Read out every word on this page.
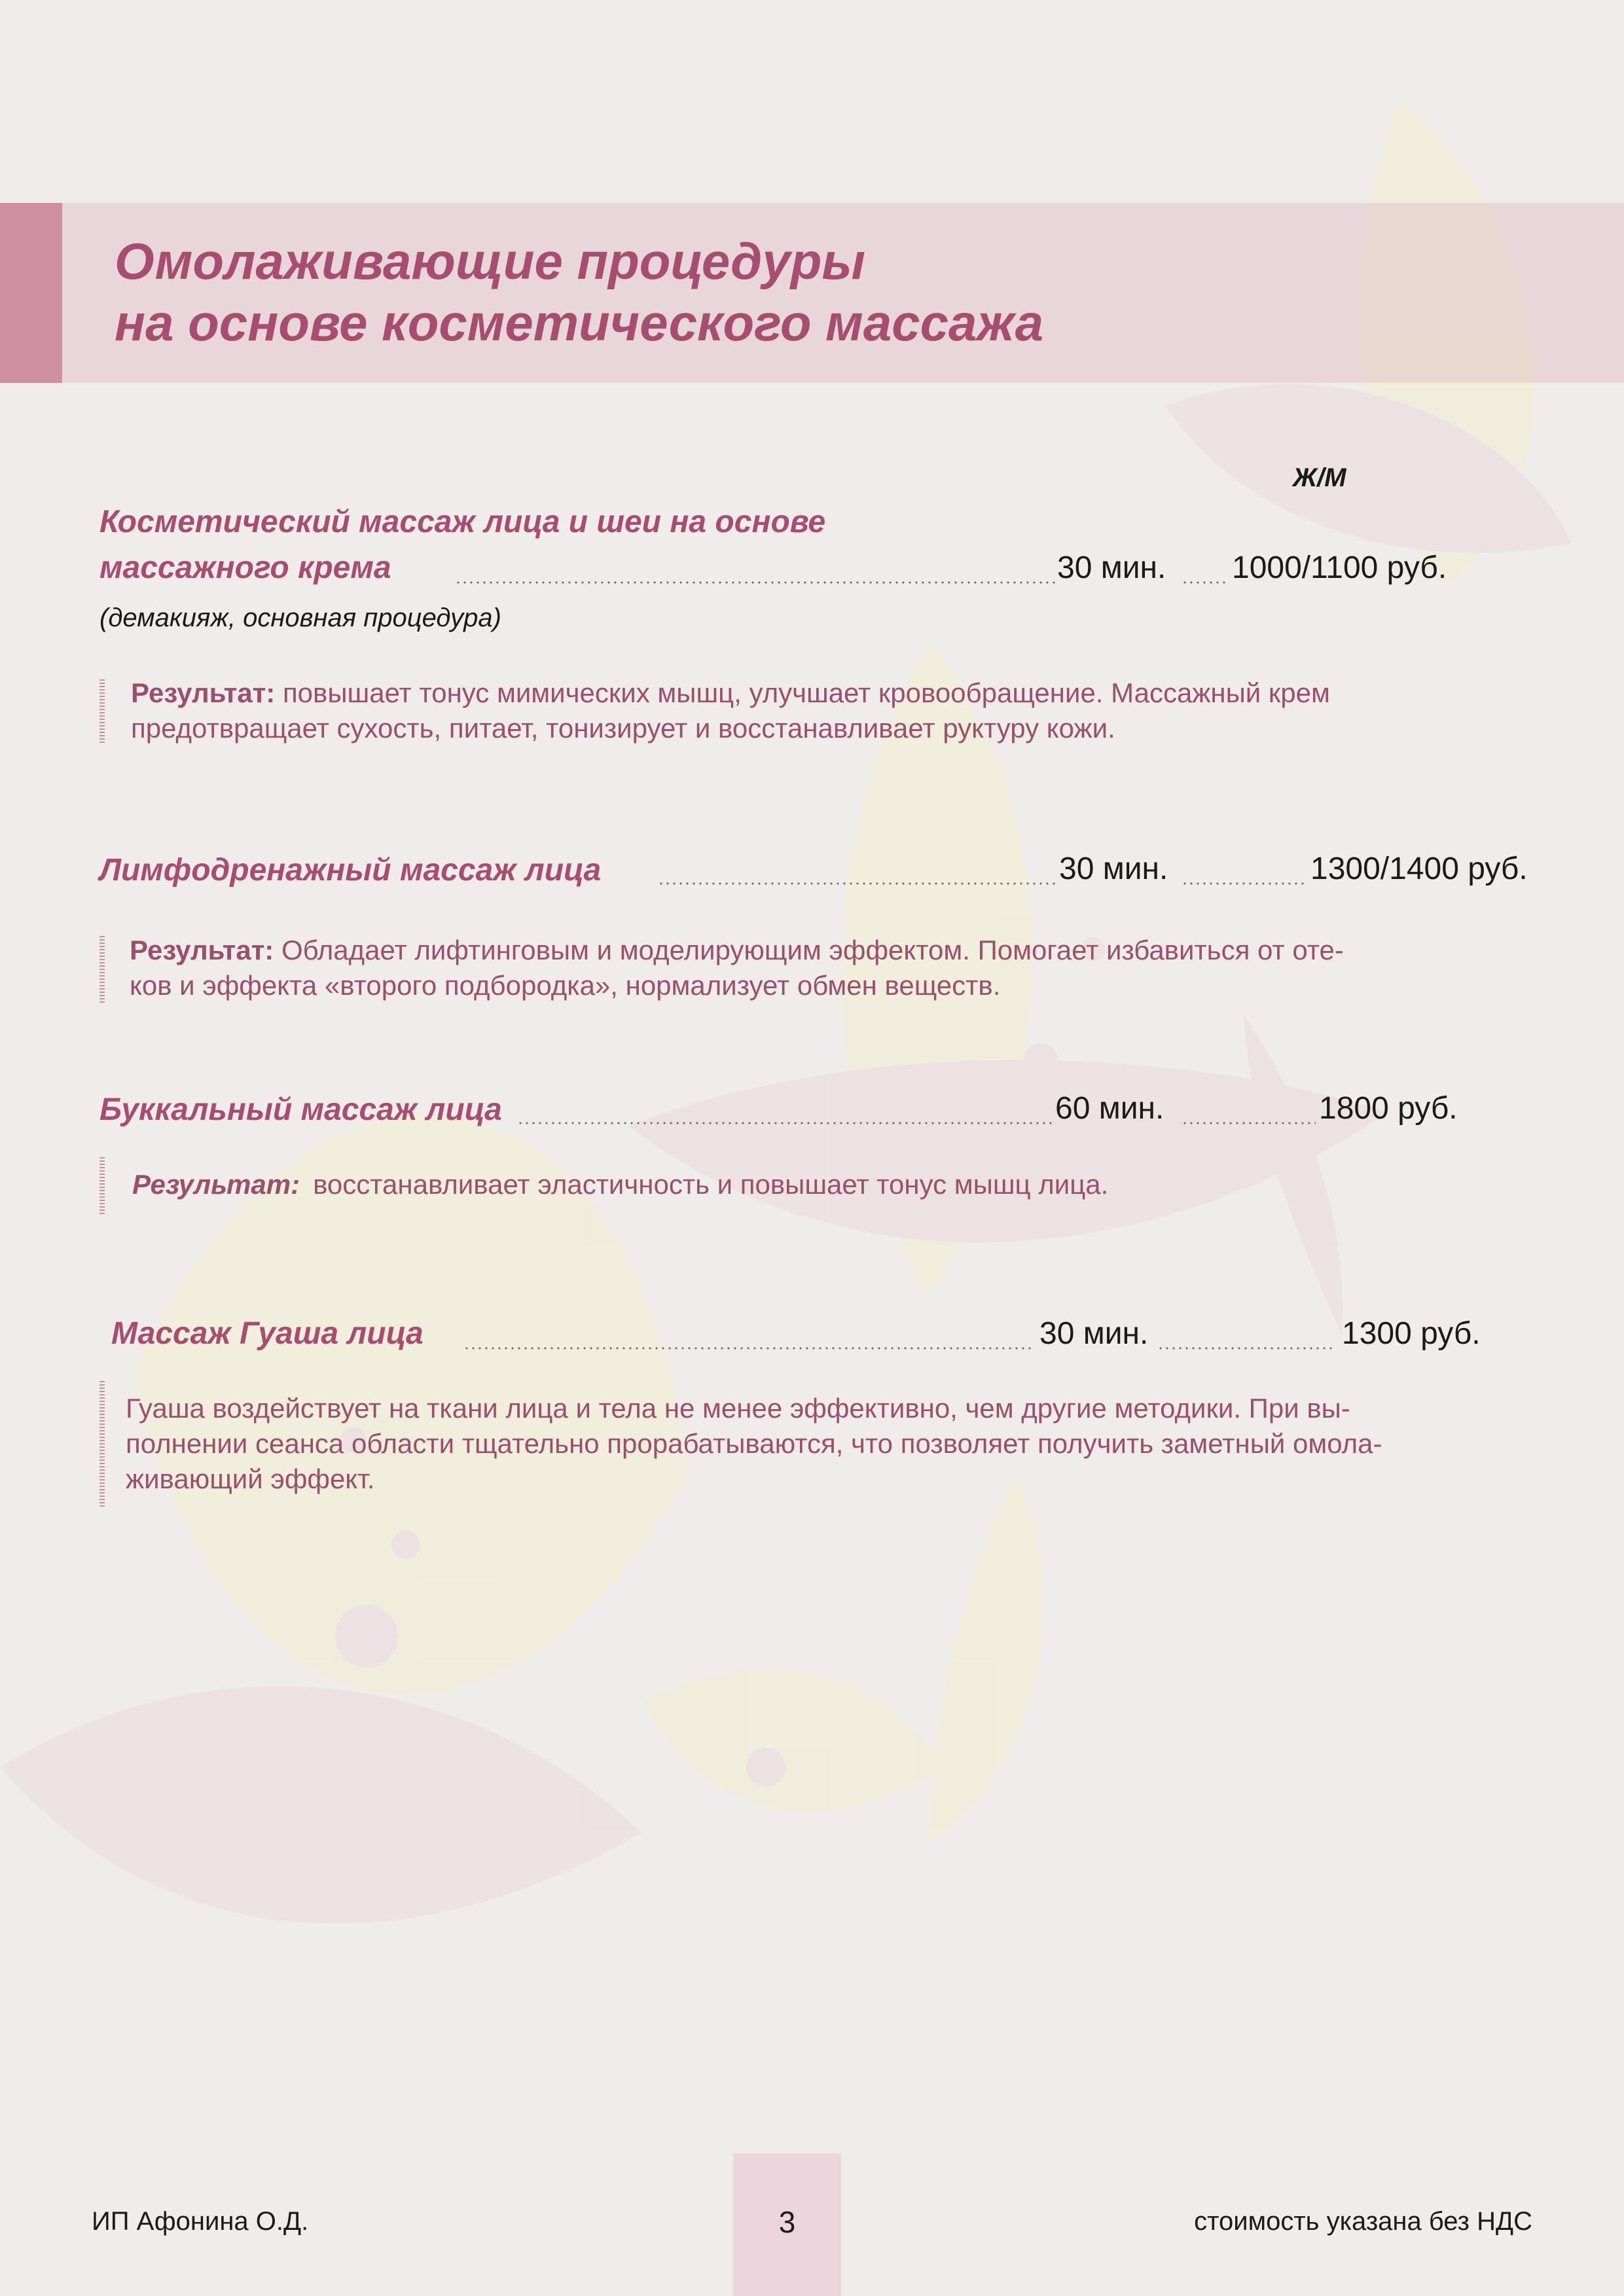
Омолаживающие процедуры
на основе косметического массажа
Ж/М
Косметический массаж лица и шеи на основе
массажного крема	30 мин. 1000/1100 руб.
(демакияж, основная процедура)

Результат: повышает тонус мимических мышц, улучшает кровообращение. Массажный крем
предотвращает сухость, питает, тонизирует и восстанавливает руктуру кожи.

Лимфодренажный массаж лица	30 мин.	1300/1400 руб.

Результат: Обладает лифтинговым и моделирующим эффектом. Помогает избавиться от оте-
ков и эффекта «второго подбородка», нормализует обмен веществ.

Буккальный массаж лица	60 мин.	1800 руб.

Результат: восстанавливает эластичность и повышает тонус мышц лица.

Массаж Гуаша лица	30 мин.	1300 руб.

Гуаша воздействует на ткани лица и тела не менее эффективно, чем другие методики. При вы-
полнении сеанса области тщательно прорабатываются, что позволяет получить заметный омола-
живающий эффект.

ИП Афонина О.Д.	3	стоимость указана без НДС
